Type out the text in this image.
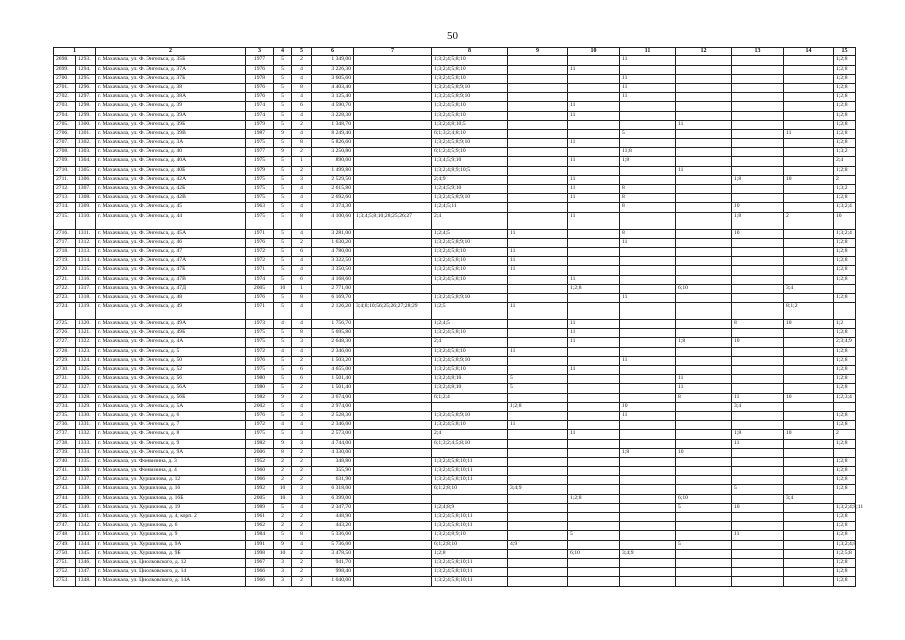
50
1		2	3	4	5	6	7	8	9	10	11	12	13	14	15
2698.	1293.	г. Махачкала, ул. Ф. Энгельса, д. 35Б	1977	5	2	1 349,00		1;3;2;4;5;8;10			11				1;2;8
2699.	1294.	г. Махачкала, ул. Ф. Энгельса, д. 37А	1976	5	4	3 226,30		1;3;2;4;5;8;10		11					1;2;8
2700.	1295.	г. Махачкала, ул. Ф. Энгельса, д. 37Б	1978	5	4	3 605,60		1;3;2;4;5;8;10			11				1;2;8
2701.	1296.	г. Махачкала, ул. Ф. Энгельса, д. 38	1976	5	8	4 403,40		1;3;2;4;5;8;9;10			11				1;2;8
2702.	1297.	г. Махачкала, ул. Ф. Энгельса, д. 38А	1976	5	4	3 125,40		1;3;2;4;5;8;9;10			11				1;2;8
2703.	1298.	г. Махачкала, ул. Ф. Энгельса, д. 39	1974	5	6	4 590,70		1;3;2;4;5;8;10		11					1;2;8
2704.	1299.	г. Махачкала, ул. Ф. Энгельса, д. 39А	1974	5	4	3 228,30		1;3;2;4;5;8;10		11					1;2;8
2705.	1300.	г. Махачкала, ул. Ф. Энгельса, д. 39Б	1979	5	2	1 348,70		1;3;2;4;8;10;5				11			1;2;8
2706.	1301.	г. Махачкала, ул. Ф. Энгельса, д. 39В	1987	9	4	8 249,40		6;1;3;2;4;8;10			5			11	1;2;8
2707.	1302.	г. Махачкала, ул. Ф. Энгельса, д. 3А	1975	5	8	5 826,60		1;3;2;4;5;8;9;10		11					1;2;8
2708.	1303.	г. Махачкала, ул. Ф. Энгельса, д. 40	1977	9	2	3 250,80		6;1;2;4;5;9;10			11;8				1;3;2
2709.	1304.	г. Махачкала, ул. Ф. Энгельса, д. 40А	1975	5	1	890,00		1;3;4;5;9;10		11	1;8				2;4
2710.	1305.	г. Махачкала, ул. Ф. Энгельса, д. 40Б	1979	5	2	1 499,80		1;3;2;4;8;9;10;5				11			1;2;8
2711.	1306.	г. Махачкала, ул. Ф. Энгельса, д. 42А	1975	5	3	2 529,50		2;4;9		11			1;8	10	2
2712.	1307.	г. Махачкала, ул. Ф. Энгельса, д. 42Б	1975	5	4	2 615,80		1;2;4;5;9;10		11	8				1;3;2
2713.	1308.	г. Махачкала, ул. Ф. Энгельса, д. 42В	1975	5	4	2 692,60		1;3;2;4;5;8;9;10		11	8				1;2;8
2714.	1309.	г. Махачкала, ул. Ф. Энгельса, д. 45	1963	5	4	3 374,30		1;2;4;5;11			8		10		1;3;2;4
2715.	1310.	г. Махачкала, ул. Ф. Энгельса, д. 44	1975	5	8	4 100,60	1;3;4;5;8;10;28;25;26;27	2;4		11			1;8	2	10
2716.	1311.	г. Махачкала, ул. Ф. Энгельса, д. 45А	1971	5	4	3 281,00		1;2;4;5	11		8		10		1;3;2;4
2717.	1312.	г. Махачкала, ул. Ф. Энгельса, д. 46	1976	5	2	1 630,20		1;3;2;4;5;8;9;10			11				1;2;8
2718.	1313.	г. Махачкала, ул. Ф. Энгельса, д. 47	1972	5	6	4 780,00		1;3;2;4;5;8;10	11						1;2;8
2719.	1314.	г. Махачкала, ул. Ф. Энгельса, д. 47А	1972	5	4	3 322,50		1;3;2;4;5;8;10	11						1;2;8
2720.	1315.	г. Махачкала, ул. Ф. Энгельса, д. 47Б	1971	5	4	3 350,50		1;3;2;4;5;8;10	11						1;2;8
2721.	1316.	г. Махачкала, ул. Ф. Энгельса, д. 47В	1974	5	6	4 168,60		1;3;2;4;5;8;10		11					1;2;8
2722.	1317.	г. Махачкала, ул. Ф. Энгельса, д. 47Д	2005	10	1	2 771,00				1;2;8		6;10		3;4	
2723.	1318.	г. Махачкала, ул. Ф. Энгельса, д. 48	1976	5	8	6 169,70		1;3;2;4;5;8;9;10			11				1;2;8
2724.	1319.	г. Махачкала, ул. Ф. Энгельса, д. 49	1971	5	4	2 126,20	3;4;8;10;56;25;26;27;28;29	1;2;5	11					8;1;2	
2725.	1320.	г. Махачкала, ул. Ф. Энгельса, д. 49А	1973	4	4	1 756,70		1;2;4;5		11			8	10	1;2
2726.	1321.	г. Махачкала, ул. Ф. Энгельса, д. 49Б	1975	5	8	5 695,80		1;3;2;4;5;8;10		11					1;2;8
2727.	1322.	г. Махачкала, ул. Ф. Энгельса, д. 4А	1975	5	3	2 648,30		2;4		11		1;8	10		2;3;4;9
2728.	1323.	г. Махачкала, ул. Ф. Энгельса, д. 5	1972	4	4	2 346,00		1;3;2;4;5;8;10	11						1;2;8
2729.	1324.	г. Махачкала, ул. Ф. Энгельса, д. 50	1976	5	2	1 503,20		1;3;2;4;5;8;9;10			11				1;2;8
2730.	1325.	г. Махачкала, ул. Ф. Энгельса, д. 52	1975	5	6	4 655,00		1;3;2;4;5;8;10		11					1;2;8
2731.	1326.	г. Махачкала, ул. Ф. Энгельса, д. 56	1980	5	6	1 501,40		1;3;2;4;8;10	5			11			1;2;8
2732.	1327.	г. Махачкала, ул. Ф. Энгельса, д. 56А	1980	5	2	1 501,40		1;3;2;4;8;10	5			11			1;2;8
2733.	1328.	г. Махачкала, ул. Ф. Энгельса, д. 56Б	1982	9	2	3 674,00		6;1;2;4				8	11	10	1;2;3;4
2734.	1329.	г. Махачкала, ул. Ф. Энгельса, д. 5А	2002	5	4	2 974,00			1;2;8		10		3;4		
2735.	1330.	г. Махачкала, ул. Ф. Энгельса, д. 6	1976	5	3	2 528,30		1;3;2;4;5;8;9;10			11				1;2;8
2736.	1331.	г. Махачкала, ул. Ф. Энгельса, д. 7	1972	4	4	2 346,00		1;3;2;4;5;8;10	11						1;2;8
2737.	1332.	г. Махачкала, ул. Ф. Энгельса, д. 8	1975	5	3	2 573,00		2;4		11			1;8	10	2
2738.	1333.	г. Махачкала, ул. Ф. Энгельса, д. 9	1982	9	3	4 744,00		6;1;3;2;4;5;8;10					11		1;2;8
2739.	1334.	г. Махачкала, ул. Ф. Энгельса, д. 9А	2006	8	2	4 330,00					1;8	10			
2740.	1335.	г. Махачкала, ул. Фонвизина, д. 3	1952	2	2	348,80		1;3;2;4;5;8;10;11							1;2;8
2741.	1336.	г. Махачкала, ул. Фонвизина, д. 4	1960	2	2	355,90		1;3;2;4;5;8;10;11							1;2;8
2742.	1337.	г. Махачкала, ул. Хуршилова, д. 12	1966	2	2	631,90		1;3;2;4;5;8;10;11							1;2;8
2743.	1338.	г. Махачкала, ул. Хуршилова, д. 16	1992	10	3	6 318,00		6;1;2;8;10	3;4;9				5		1;2;8
2744.	1339.	г. Махачкала, ул. Хуршилова, д. 16Б	2005	10	3	6 399,00				1;2;8		6;10		3;4	
2745.	1340.	г. Махачкала, ул. Хуршилова, д. 19	1989	5	4	2 347,70		1;2;4;8;9				5	10		1;3;2;4;8;11
2746.	1341.	г. Махачкала, ул. Хуршилова, д. 4, корп. 2	1961	2	2	448,90		1;3;2;4;5;8;10;11							1;2;8
2747.	1342.	г. Махачкала, ул. Хуршилова, д. 6	1962	2	2	443,20		1;3;2;4;5;8;10;11							1;2;8
2748.	1343.	г. Махачкала, ул. Хуршилова, д. 9	1984	5	8	5 336,00		1;3;2;4;8;9;10		5			11		1;2;8
2749.	1344.	г. Махачкала, ул. Хуршилова, д. 9А	1991	9	4	5 736,00		6;1;2;8;10	4;9			5			1;3;2;4;8
2750.	1345.	г. Махачкала, ул. Хуршилова, д. 9Б	1998	10	2	3 478,50		1;2;8		6;10	3;4;9				1;2;5;8
2751.	1346.	г. Махачкала, ул. Циолковского, д. 12	1967	3	2	941,70		1;3;2;4;5;8;10;11							1;2;8
2752.	1347.	г. Махачкала, ул. Циолковского, д. 14	1966	3	2	998,40		1;3;2;4;5;8;10;11							1;2;8
2753.	1348.	г. Махачкала, ул. Циолковского, д. 14А	1966	3	2	1 040,00		1;3;2;4;5;8;10;11							1;2;8
